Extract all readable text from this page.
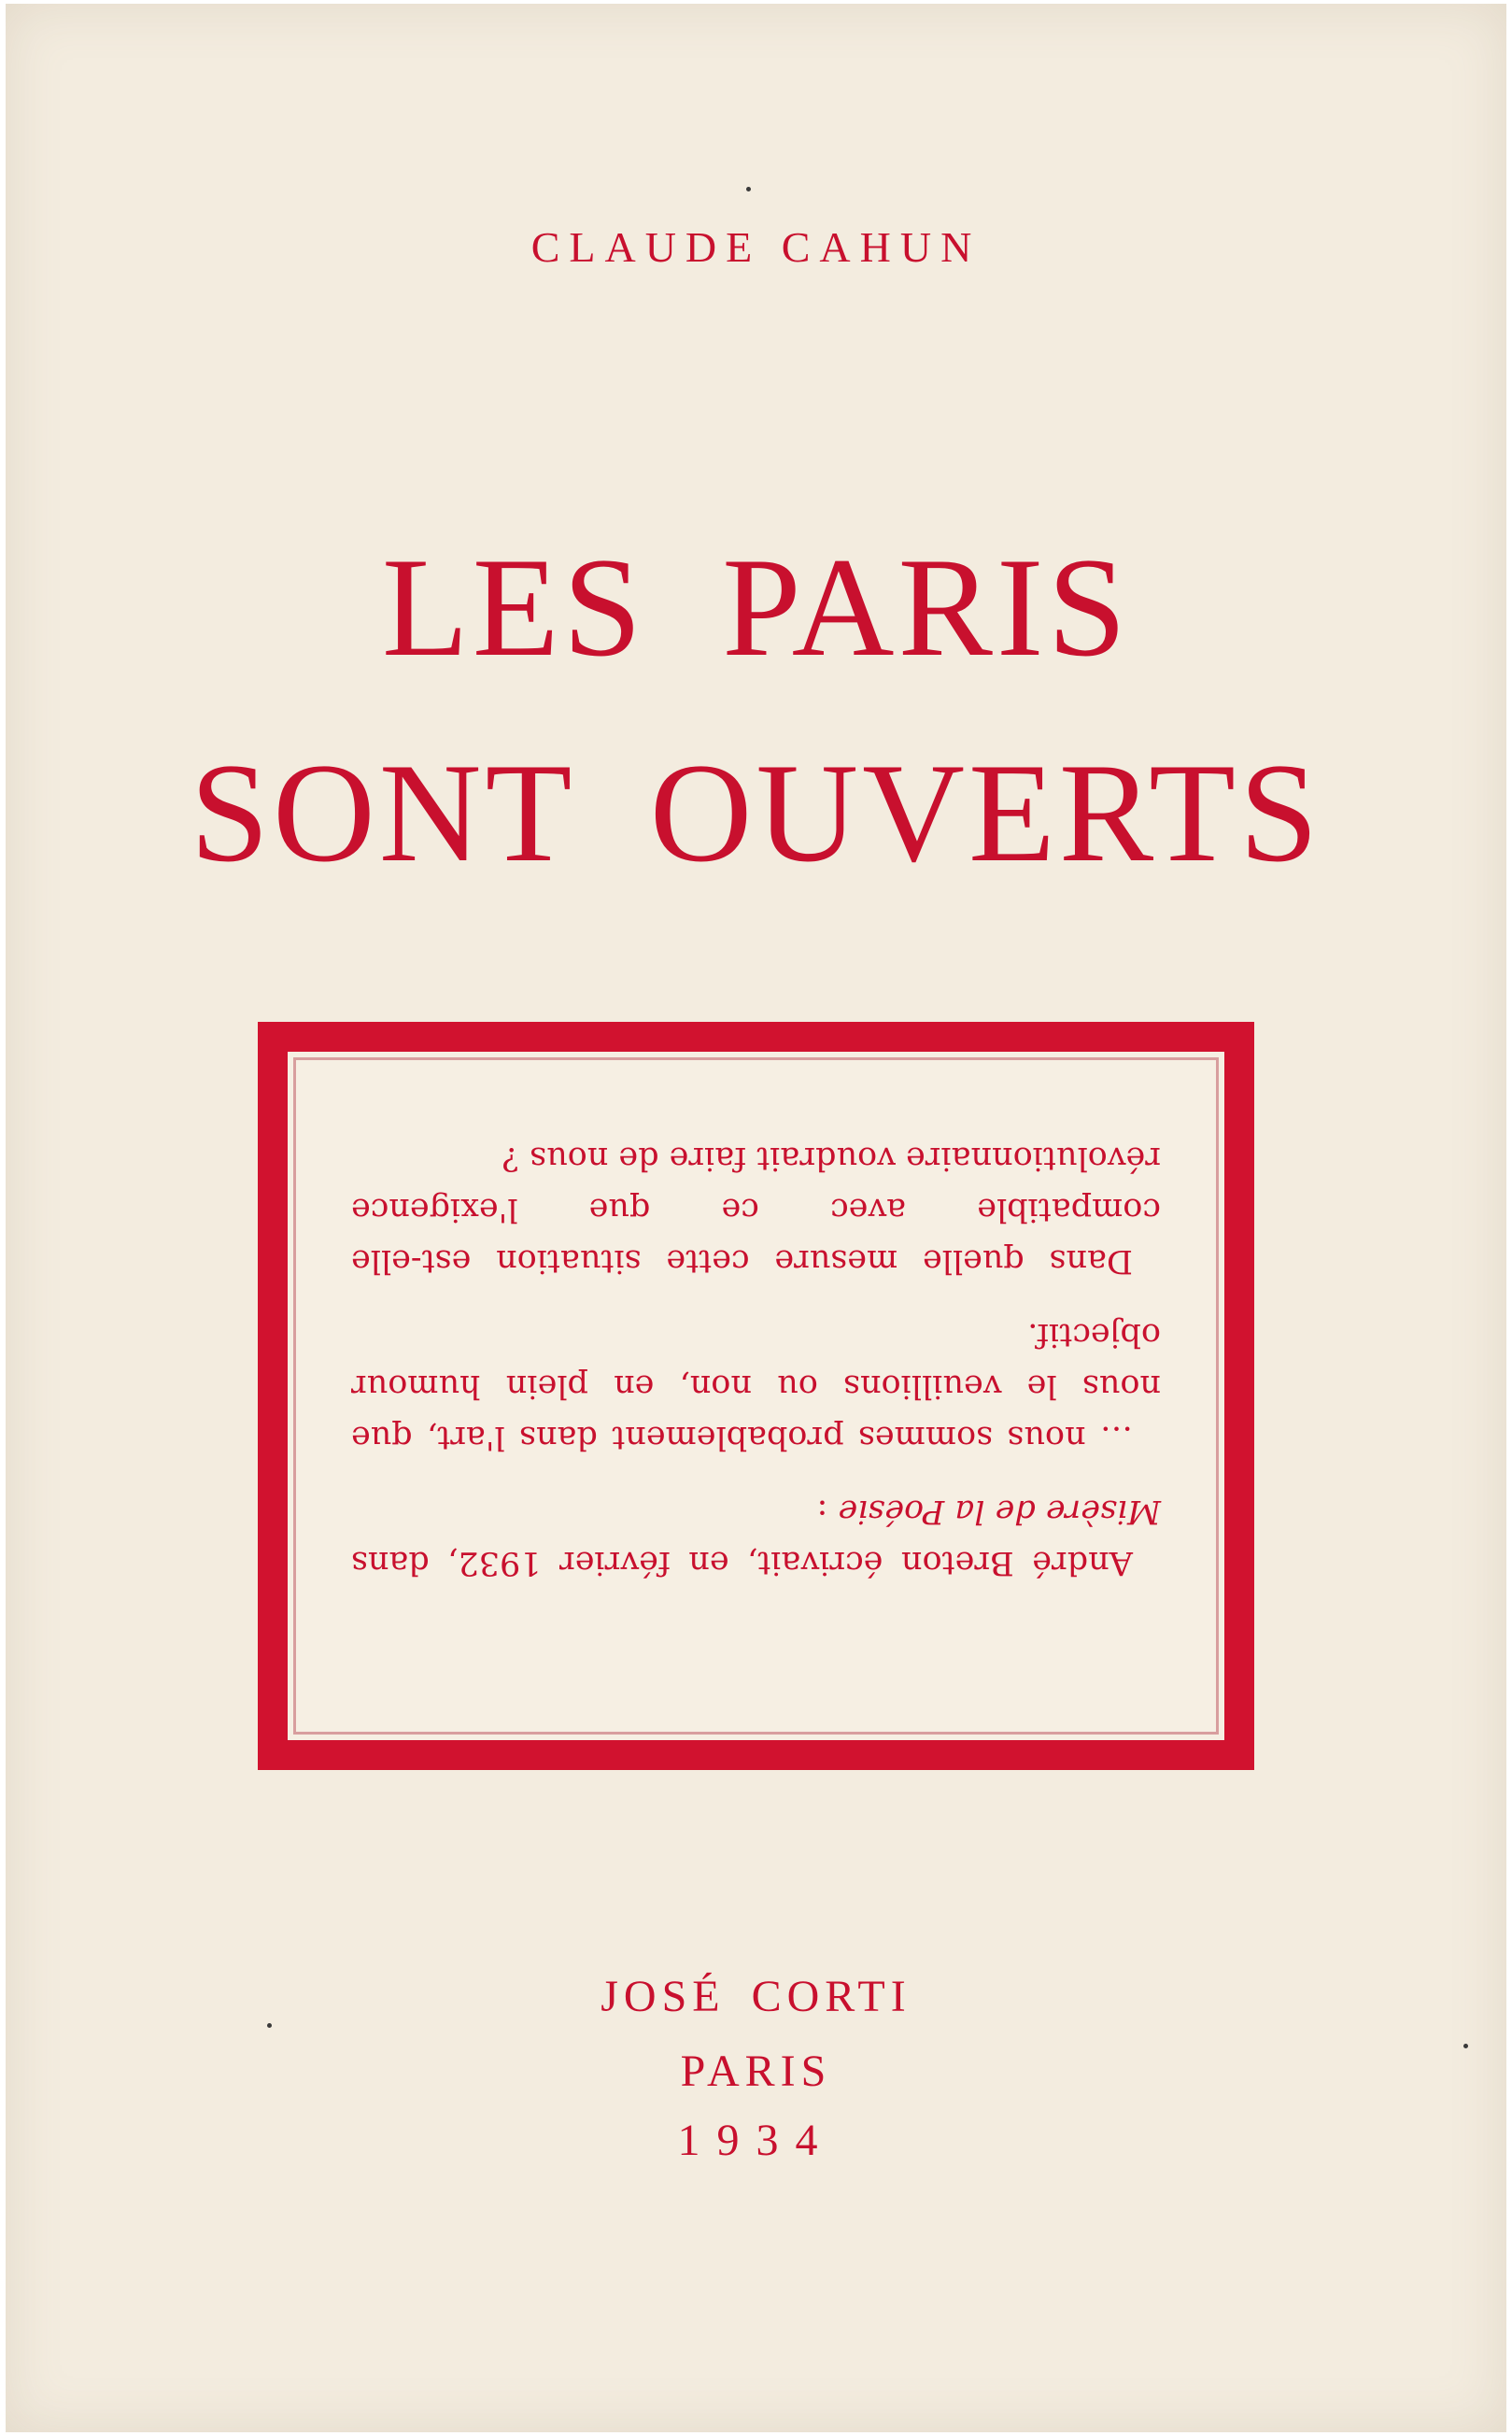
CLAUDE CAHUN
LES PARIS
SONT OUVERTS

André Breton écrivait, en février 1932, dans Misère de la Poésie :

… nous sommes probablement dans l'art, que nous le veuillions ou non, en plein humour objectif.

Dans quelle mesure cette situation est-elle compatible avec ce que l'exigence révolutionnaire voudrait faire de nous ?

JOSÉ CORTI
PARIS
1934
